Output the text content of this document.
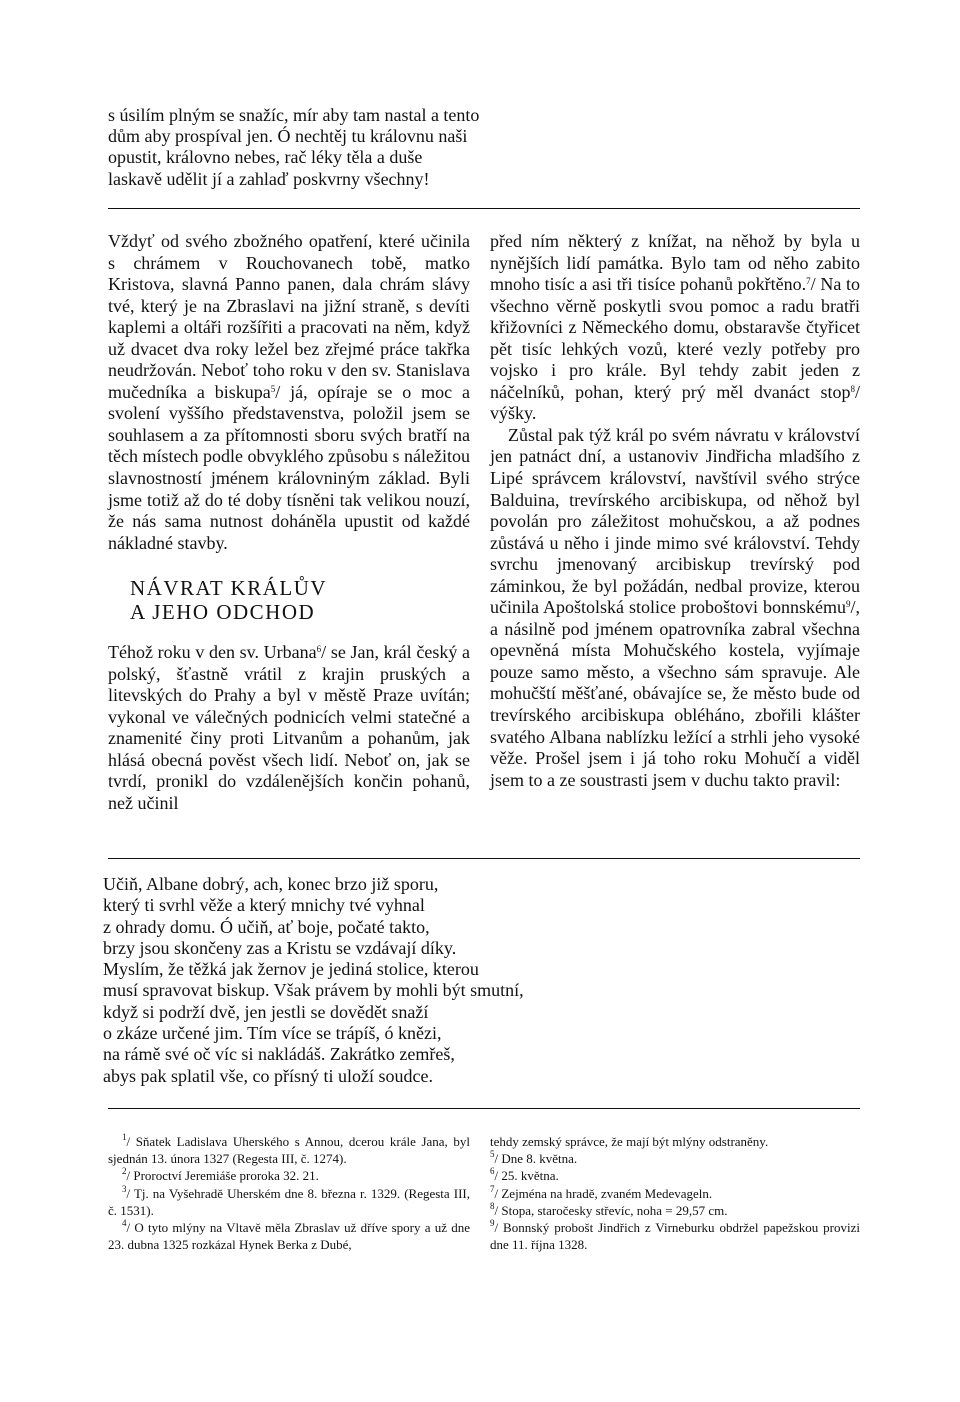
s úsilím plným se snažíc, mír aby tam nastal a tento

dům aby prospíval jen. Ó nechtěj tu královnu naši

opustit, královno nebes, rač léky těla a duše

laskavě udělit jí a zahlaď poskvrny všechny!

Vždyť od svého zbožného opatření, které učinila s chrámem v Rouchovanech tobě, matko Kristova, slavná Panno panen, dala chrám slávy tvé, který je na Zbraslavi na jižní straně, s devíti kaplemi a oltáři rozšířiti a pracovati na něm, když už dvacet dva roky ležel bez zřejmé práce takřka neudržován. Neboť toho roku v den sv. Stanislava mučedníka a biskupa$^5$/ já, opíraje se o moc a svolení vyššího představenstva, položil jsem se souhlasem a za přítomnosti sboru svých bratří na těch místech podle obvyklého způsobu s náležitou slavnostností jménem královniným základ. Byli jsme totiž až do té doby tísněni tak velikou nouzí, že nás sama nutnost doháněla upustit od každé nákladné stavby.

NÁVRAT KRÁLŮV
A JEHO ODCHOD

Téhož roku v den sv. Urbana$^6$/ se Jan, král český a polský, šťastně vrátil z krajin pruských a litevských do Prahy a byl v městě Praze uvítán; vykonal ve válečných podnicích velmi statečné a znamenité činy proti Litvanům a pohanům, jak hlásá obecná pověst všech lidí. Neboť on, jak se tvrdí, pronikl do vzdálenějších končin pohanů, než učinil

před ním některý z knížat, na něhož by byla u nynějších lidí památka. Bylo tam od něho zabito mnoho tisíc a asi tři tisíce pohanů pokřtěno.$^7$/ Na to všechno věrně poskytli svou pomoc a radu bratři křižovníci z Německého domu, obstaravše čtyřicet pět tisíc lehkých vozů, které vezly potřeby pro vojsko i pro krále. Byl tehdy zabit jeden z náčelníků, pohan, který prý měl dvanáct stop$^8$/ výšky.

Zůstal pak týž král po svém návratu v království jen patnáct dní, a ustanoviv Jindřicha mladšího z Lipé správcem království, navštívil svého strýce Balduina, trevírského arcibiskupa, od něhož byl povolán pro záležitost mohučskou, a až podnes zůstává u něho i jinde mimo své království. Tehdy svrchu jmenovaný arcibiskup trevírský pod záminkou, že byl požádán, nedbal provize, kterou učinila Apoštolská stolice proboštovi bonnskému$^9$/, a násilně pod jménem opatrovníka zabral všechna opevněná místa Mohučského kostela, vyjímaje pouze samo město, a všechno sám spravuje. Ale mohučští měšťané, obávajíce se, že město bude od trevírského arcibiskupa obléháno, zbořili klášter svatého Albana nablízku ležící a strhli jeho vysoké věže. Prošel jsem i já toho roku Mohučí a viděl jsem to a ze soustrasti jsem v duchu takto pravil:

Učiň, Albane dobrý, ach, konec brzo již sporu,

který ti svrhl věže a který mnichy tvé vyhnal

z ohrady domu. Ó učiň, ať boje, počaté takto,

brzy jsou skončeny zas a Kristu se vzdávají díky.

Myslím, že těžká jak žernov je jediná stolice, kterou

musí spravovat biskup. Však právem by mohli být smutní,

když si podrží dvě, jen jestli se dovědět snaží

o zkáze určené jim. Tím více se trápíš, ó knězi,

na rámě své oč víc si nakládáš. Zakrátko zemřeš,

abys pak splatil vše, co přísný ti uloží soudce.

$^1$/ Sňatek Ladislava Uherského s Annou, dcerou krále Jana, byl sjednán 13. února 1327 (Regesta III, č. 1274).

$^2$/ Proroctví Jeremiáše proroka 32. 21.

$^3$/ Tj. na Vyšehradě Uherském dne 8. března r. 1329. (Regesta III, č. 1531).

$^4$/ O tyto mlýny na Vltavě měla Zbraslav už dříve spory a už dne 23. dubna 1325 rozkázal Hynek Berka z Dubé,

tehdy zemský správce, že mají být mlýny odstraněny.

$^5$/ Dne 8. května.

$^6$/ 25. května.

$^7$/ Zejména na hradě, zvaném Medevageln.

$^8$/ Stopa, staročesky střevíc, noha = 29,57 cm.

$^9$/ Bonnský probošt Jindřich z Virneburku obdržel papežskou provizi dne 11. října 1328.
